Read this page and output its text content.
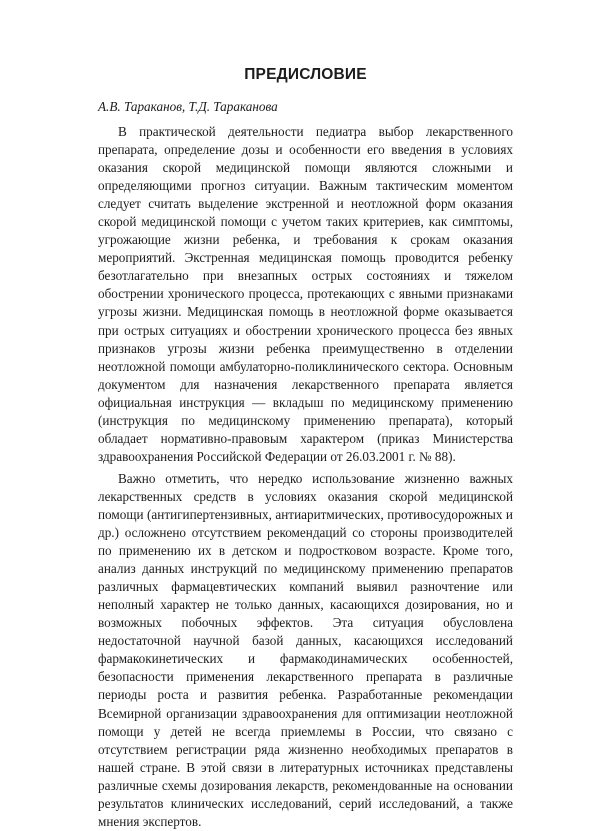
ПРЕДИСЛОВИЕ

А.В. Тараканов, Т.Д. Тараканова

В практической деятельности педиатра выбор лекарственного препарата, определение дозы и особенности его введения в условиях оказания скорой медицинской помощи являются сложными и определяющими прогноз ситуации. Важным тактическим моментом следует считать выделение экстренной и неотложной форм оказания скорой медицинской помощи с учетом таких критериев, как симптомы, угрожающие жизни ребенка, и требования к срокам оказания мероприятий. Экстренная медицинская помощь проводится ребенку безотлагательно при внезапных острых состояниях и тяжелом обострении хронического процесса, протекающих с явными признаками угрозы жизни. Медицинская помощь в неотложной форме оказывается при острых ситуациях и обострении хронического процесса без явных признаков угрозы жизни ребенка преимущественно в отделении неотложной помощи амбулаторно-поликлинического сектора. Основным документом для назначения лекарственного препарата является официальная инструкция — вкладыш по медицинскому применению (инструкция по медицинскому применению препарата), который обладает нормативно-правовым характером (приказ Министерства здравоохранения Российской Федерации от 26.03.2001 г. № 88).

Важно отметить, что нередко использование жизненно важных лекарственных средств в условиях оказания скорой медицинской помощи (антигипертензивных, антиаритмических, противосудорожных и др.) осложнено отсутствием рекомендаций со стороны производителей по применению их в детском и подростковом возрасте. Кроме того, анализ данных инструкций по медицинскому применению препаратов различных фармацевтических компаний выявил разночтение или неполный характер не только данных, касающихся дозирования, но и возможных побочных эффектов. Эта ситуация обусловлена недостаточной научной базой данных, касающихся исследований фармакокинетических и фармакодинамических особенностей, безопасности применения лекарственного препарата в различные периоды роста и развития ребенка. Разработанные рекомендации Всемирной организации здравоохранения для оптимизации неотложной помощи у детей не всегда приемлемы в России, что связано с отсутствием регистрации ряда жизненно необходимых препаратов в нашей стране. В этой связи в литературных источниках представлены различные схемы дозирования лекарств, рекомендованные на основании результатов клинических исследований, серий исследований, а также мнения экспертов.
